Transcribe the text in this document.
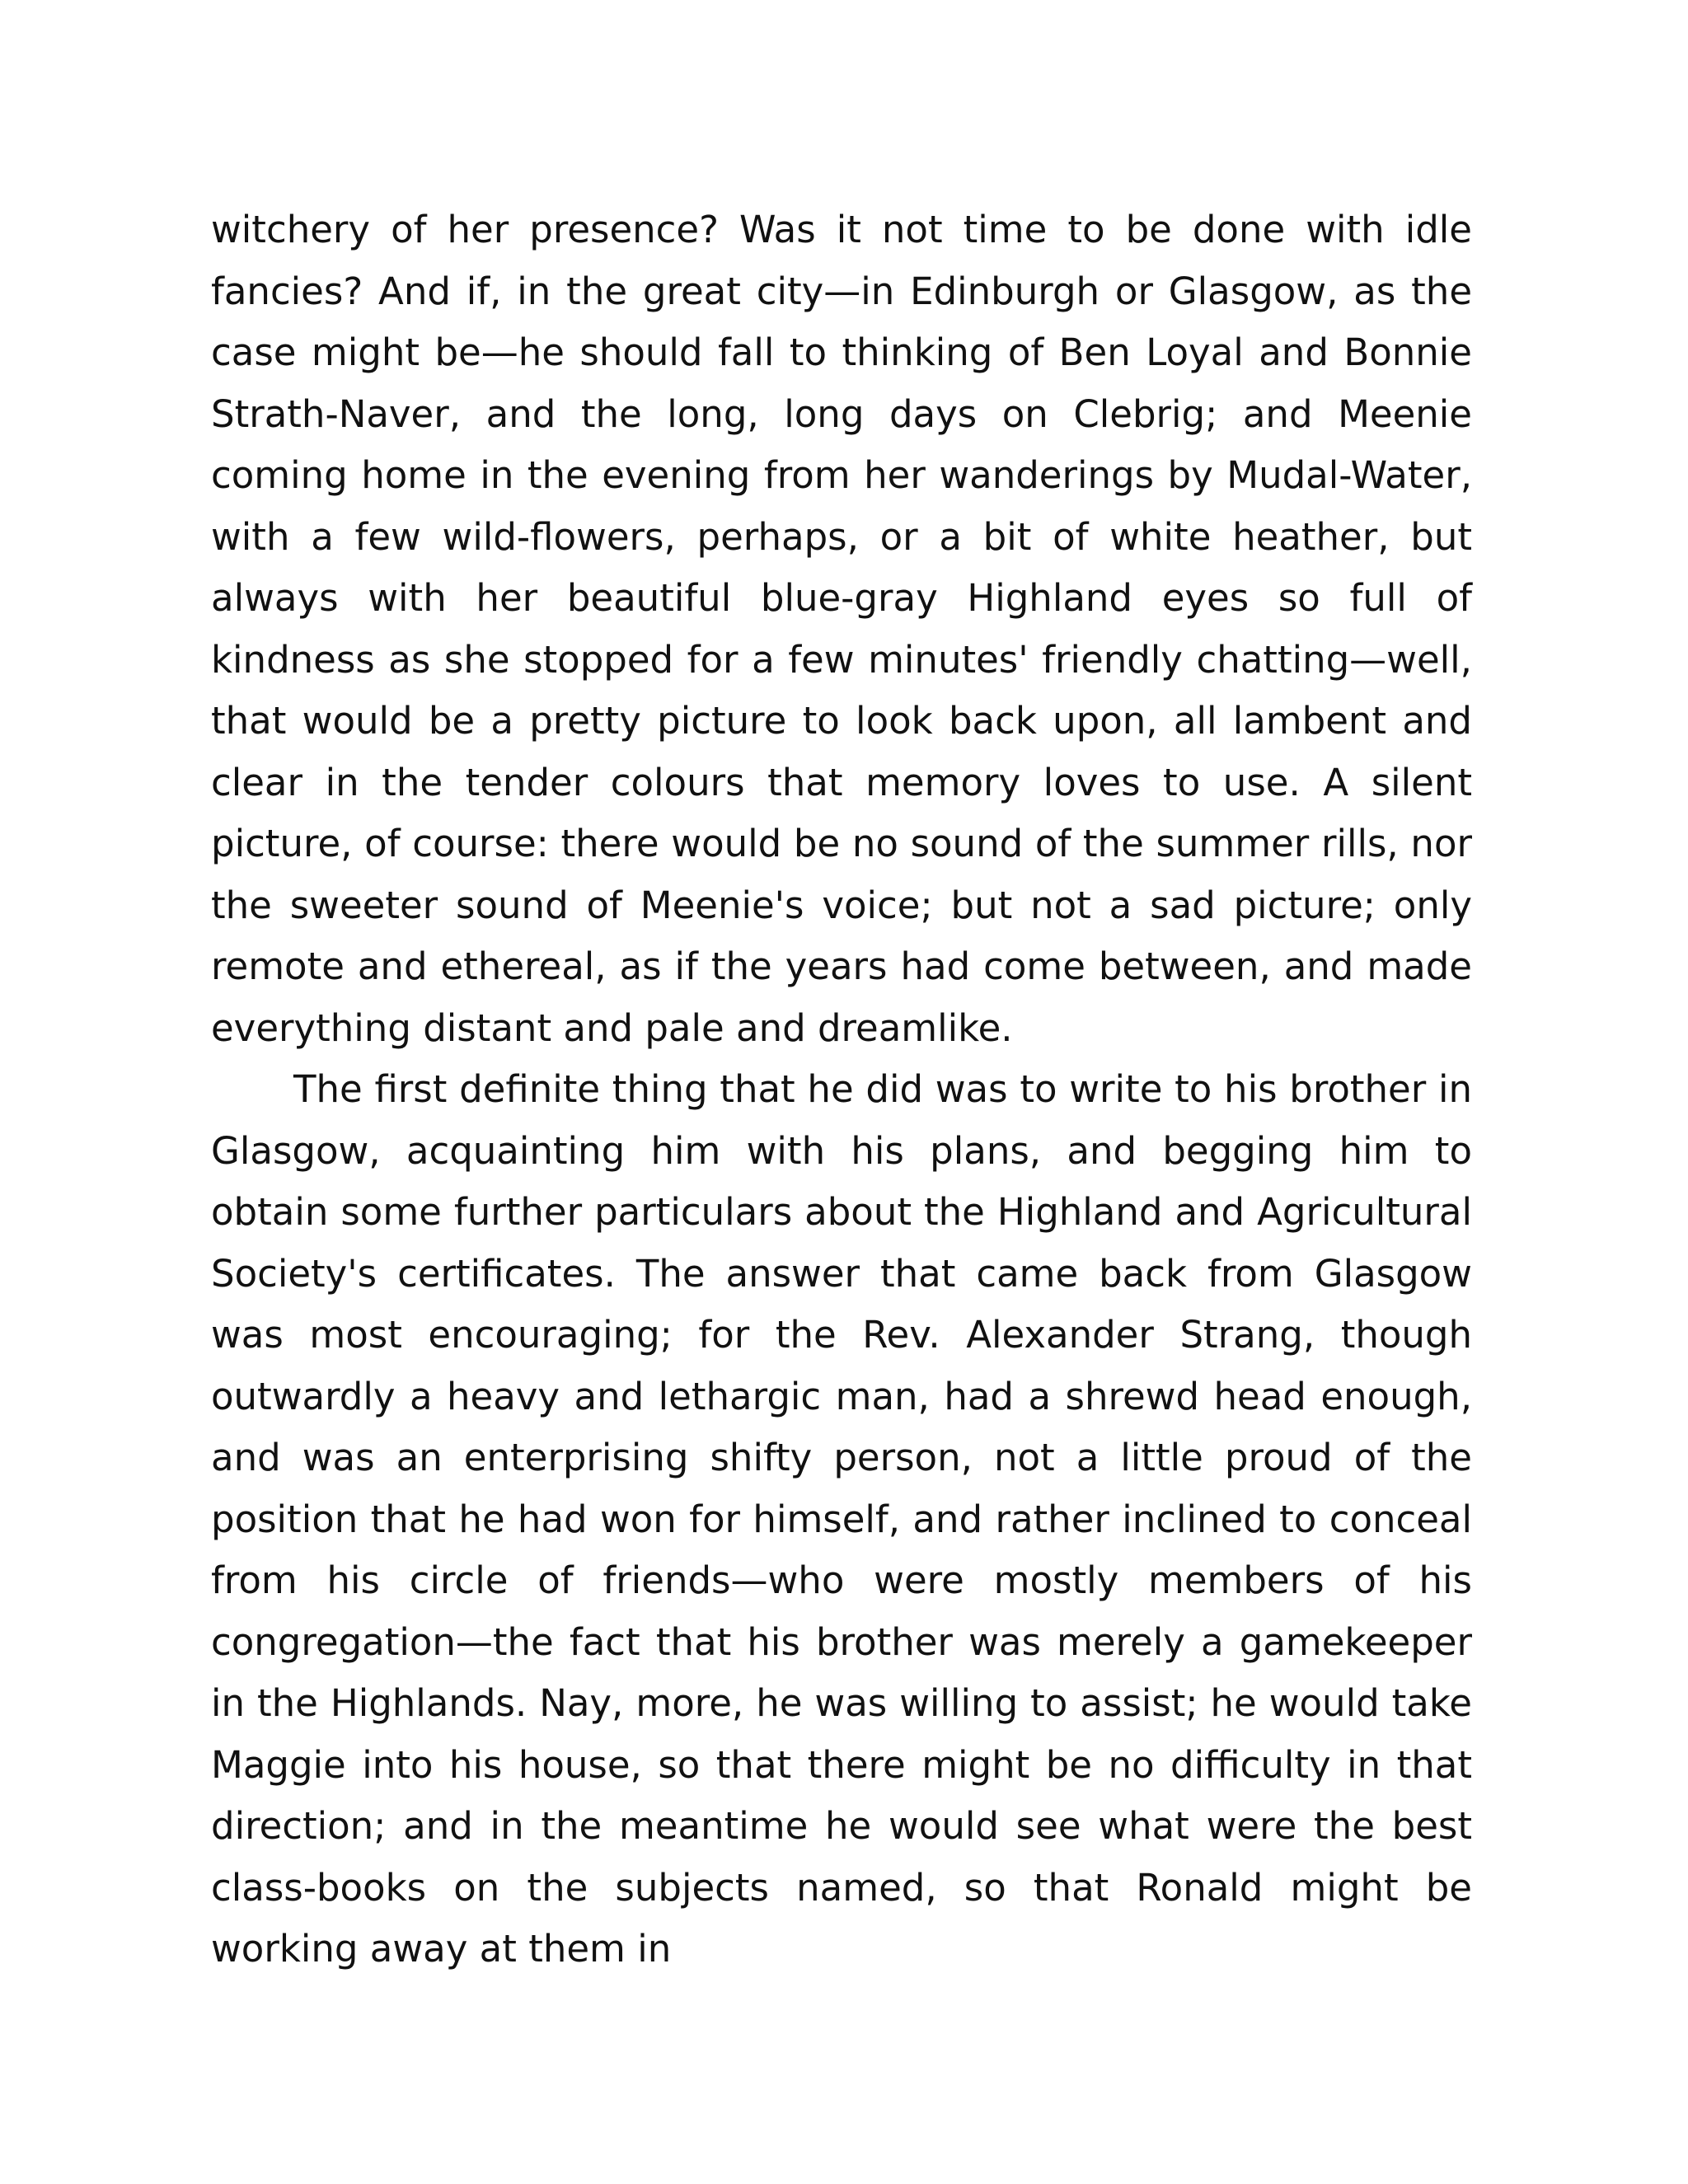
witchery of her presence? Was it not time to be done with idle fancies? And if, in the great city—in Edinburgh or Glasgow, as the case might be—he should fall to thinking of Ben Loyal and Bonnie Strath-Naver, and the long, long days on Clebrig; and Meenie coming home in the evening from her wanderings by Mudal-Water, with a few wild-flowers, perhaps, or a bit of white heather, but always with her beautiful blue-gray Highland eyes so full of kindness as she stopped for a few minutes' friendly chatting—well, that would be a pretty picture to look back upon, all lambent and clear in the tender colours that memory loves to use. A silent picture, of course: there would be no sound of the summer rills, nor the sweeter sound of Meenie's voice; but not a sad picture; only remote and ethereal, as if the years had come between, and made everything distant and pale and dreamlike.

The first definite thing that he did was to write to his brother in Glasgow, acquainting him with his plans, and begging him to obtain some further particulars about the Highland and Agricultural Society's certificates. The answer that came back from Glasgow was most encouraging; for the Rev. Alexander Strang, though outwardly a heavy and lethargic man, had a shrewd head enough, and was an enterprising shifty person, not a little proud of the position that he had won for himself, and rather inclined to conceal from his circle of friends—who were mostly members of his congregation—the fact that his brother was merely a gamekeeper in the Highlands. Nay, more, he was willing to assist; he would take Maggie into his house, so that there might be no difficulty in that direction; and in the meantime he would see what were the best class-books on the subjects named, so that Ronald might be working away at them in
